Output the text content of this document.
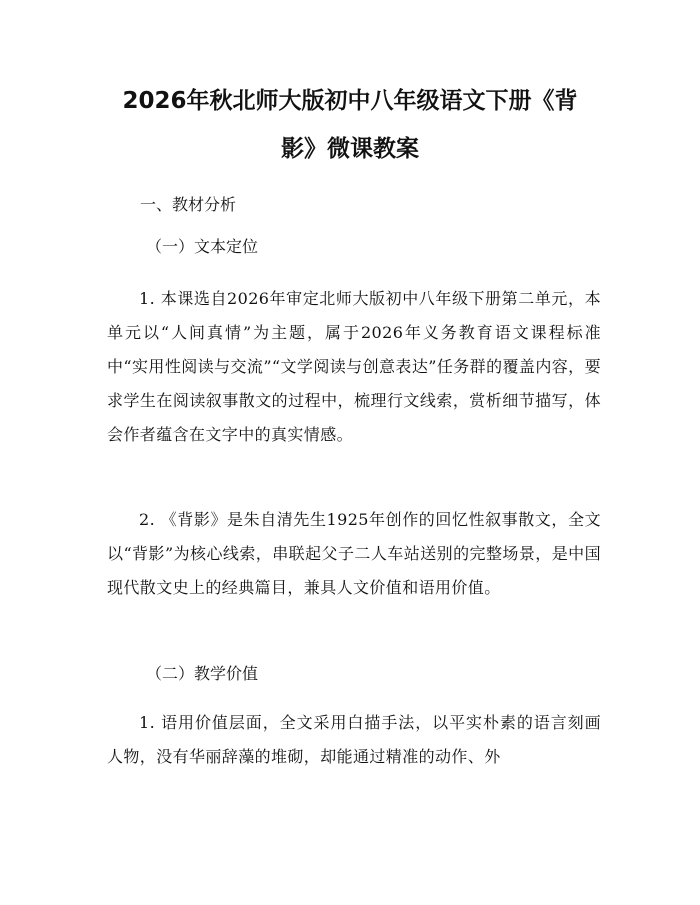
2026年秋北师大版初中八年级语文下册《背
影》微课教案

一、教材分析

（一）文本定位

1. 本课选自2026年审定北师大版初中八年级下册第二单元，本单元以“人间真情”为主题，属于2026年义务教育语文课程标准中“实用性阅读与交流”“文学阅读与创意表达”任务群的覆盖内容，要求学生在阅读叙事散文的过程中，梳理行文线索，赏析细节描写，体会作者蕴含在文字中的真实情感。

2. 《背影》是朱自清先生1925年创作的回忆性叙事散文，全文以“背影”为核心线索，串联起父子二人车站送别的完整场景，是中国现代散文史上的经典篇目，兼具人文价值和语用价值。

（二）教学价值

1. 语用价值层面，全文采用白描手法，以平实朴素的语言刻画人物，没有华丽辞藻的堆砌，却能通过精准的动作、外
